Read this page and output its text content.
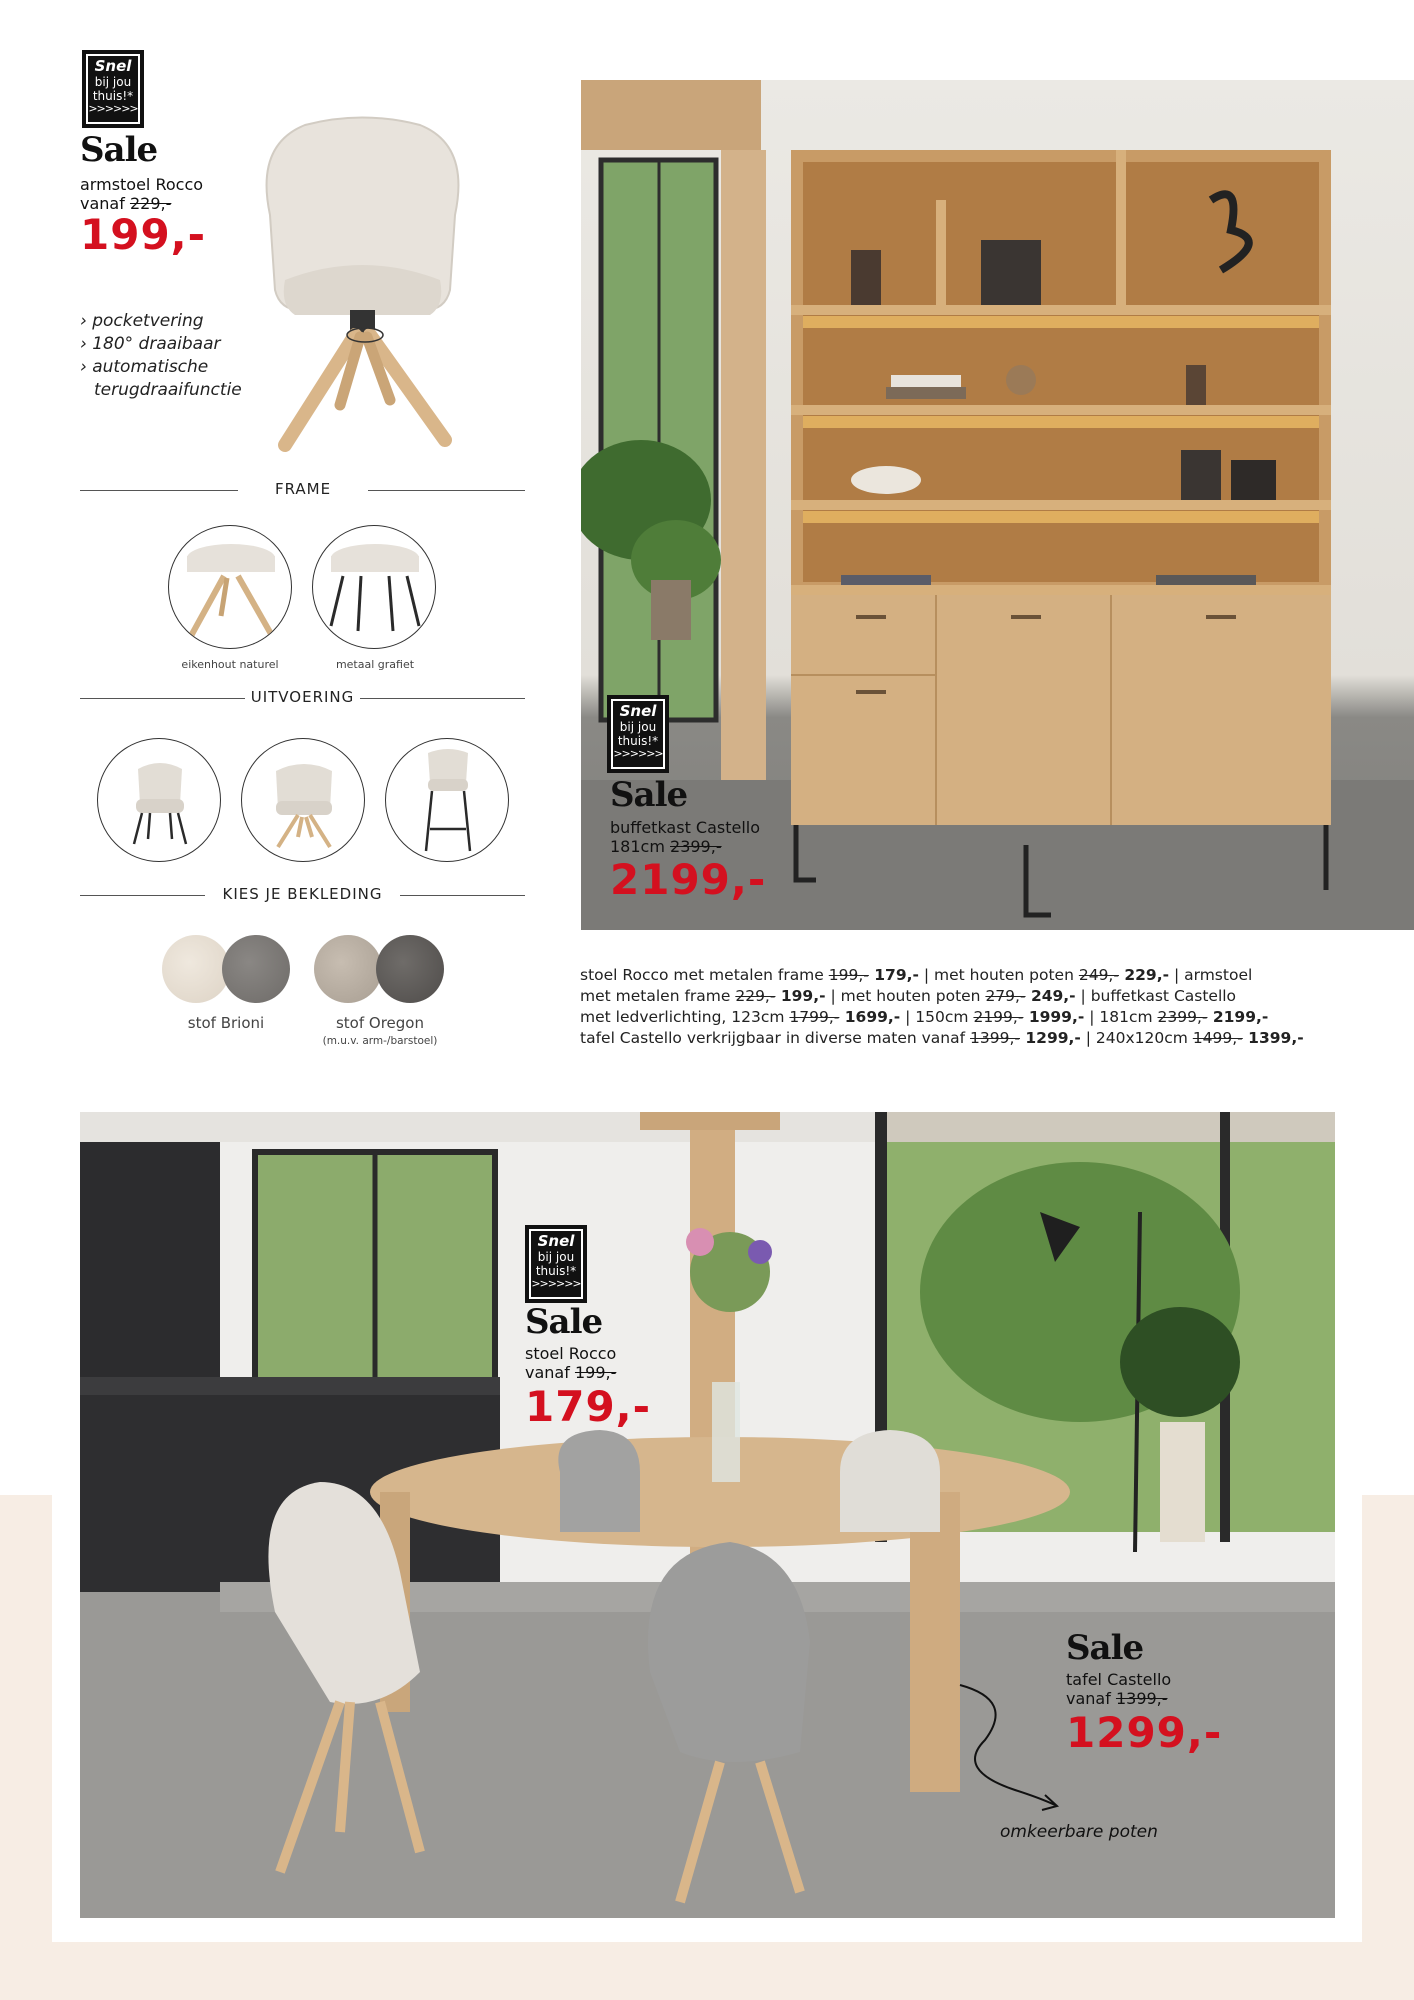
Snel
bij jou
thuis!*
>>>>>>
Sale
armstoel Rocco
vanaf 229,-
199,-
› pocketvering
› 180° draaibaar
› automatische
terugdraaifunctie
FRAME
eikenhout naturel	metaal grafiet
UITVOERING
KIES JE BEKLEDING
stof Brioni	stof Oregon
(m.u.v. arm-/barstoel)
Snel
bij jou
thuis!*
>>>>>>
Sale
buffetkast Castello
181cm 2399,-
2199,-
stoel Rocco met metalen frame 199,- 179,- | met houten poten 249,- 229,- | armstoel
met metalen frame 229,- 199,- | met houten poten 279,- 249,- | buffetkast Castello
met ledverlichting, 123cm 1799,- 1699,- | 150cm 2199,- 1999,- | 181cm 2399,- 2199,-
tafel Castello verkrijgbaar in diverse maten vanaf 1399,- 1299,- | 240x120cm 1499,- 1399,-
Snel
bij jou
thuis!*
>>>>>>
Sale
stoel Rocco
vanaf 199,-
179,-
Sale
tafel Castello
vanaf 1399,-
1299,-
omkeerbare poten
